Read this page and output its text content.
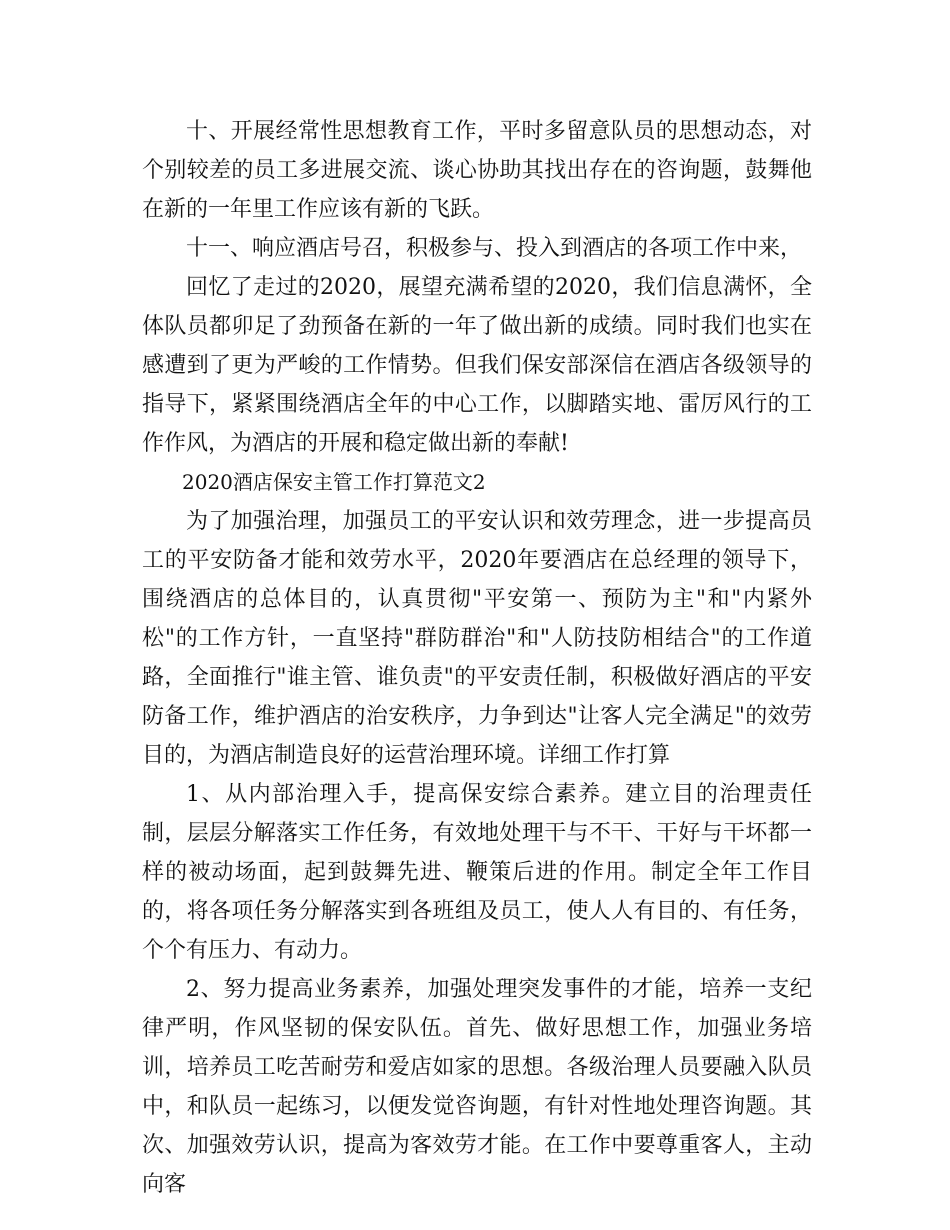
十、开展经常性思想教育工作，平时多留意队员的思想动态，对个别较差的员工多进展交流、谈心协助其找出存在的咨询题，鼓舞他在新的一年里工作应该有新的飞跃。

十一、响应酒店号召，积极参与、投入到酒店的各项工作中来，

回忆了走过的2020，展望充满希望的2020，我们信息满怀，全体队员都卯足了劲预备在新的一年了做出新的成绩。同时我们也实在感遭到了更为严峻的工作情势。但我们保安部深信在酒店各级领导的指导下，紧紧围绕酒店全年的中心工作，以脚踏实地、雷厉风行的工作作风，为酒店的开展和稳定做出新的奉献!

2020酒店保安主管工作打算范文2

为了加强治理，加强员工的平安认识和效劳理念，进一步提高员工的平安防备才能和效劳水平，2020年要酒店在总经理的领导下，围绕酒店的总体目的，认真贯彻"平安第一、预防为主"和"内紧外松"的工作方针，一直坚持"群防群治"和"人防技防相结合"的工作道路，全面推行"谁主管、谁负责"的平安责任制，积极做好酒店的平安防备工作，维护酒店的治安秩序，力争到达"让客人完全满足"的效劳目的，为酒店制造良好的运营治理环境。详细工作打算

1、从内部治理入手，提高保安综合素养。建立目的治理责任制，层层分解落实工作任务，有效地处理干与不干、干好与干坏都一样的被动场面，起到鼓舞先进、鞭策后进的作用。制定全年工作目的，将各项任务分解落实到各班组及员工，使人人有目的、有任务，个个有压力、有动力。

2、努力提高业务素养，加强处理突发事件的才能，培养一支纪律严明，作风坚韧的保安队伍。首先、做好思想工作，加强业务培训，培养员工吃苦耐劳和爱店如家的思想。各级治理人员要融入队员中，和队员一起练习，以便发觉咨询题，有针对性地处理咨询题。其次、加强效劳认识，提高为客效劳才能。在工作中要尊重客人，主动向客
